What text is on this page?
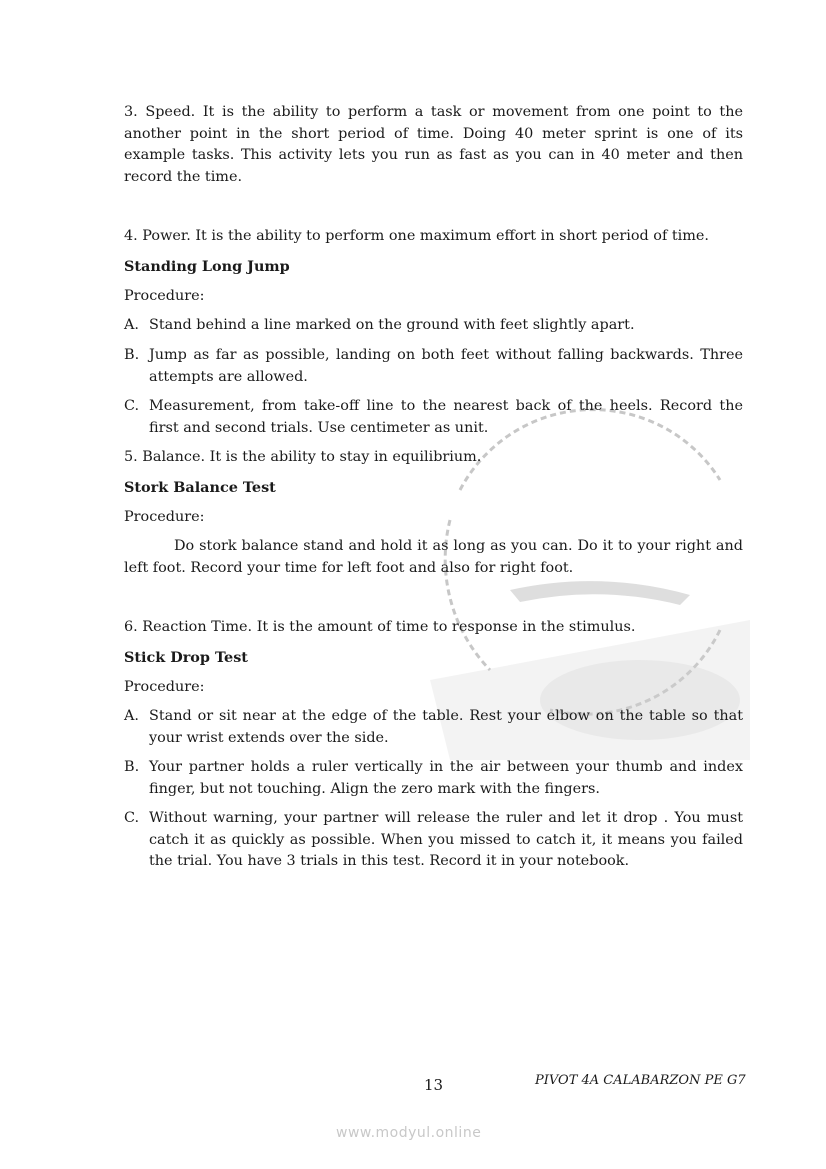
3. Speed. It is the ability to perform a task or movement from one point to the another point in the short period of time. Doing 40 meter sprint is one of its example tasks. This activity lets you run as fast as you can in 40 meter and then record the time.

4. Power. It is the ability to perform one maximum effort in short period of time.

Standing Long Jump
Procedure:
A. Stand behind a line marked on the ground with feet slightly apart.
B. Jump as far as possible, landing on both feet without falling backwards. Three attempts are allowed.
C. Measurement, from take-off line to the nearest back of the heels. Record the first and second trials. Use centimeter as unit.

5. Balance. It is the ability to stay in equilibrium.

Stork Balance Test
Procedure:

Do stork balance stand and hold it as long as you can. Do it to your right and left foot. Record your time for left foot and also for right foot.

6. Reaction Time. It is the amount of time to response in the stimulus.

Stick Drop Test
Procedure:
A. Stand or sit near at the edge of the table. Rest your elbow on the table so that your wrist extends over the side.
B. Your partner holds a ruler vertically in the air between your thumb and index finger, but not touching. Align the zero mark with the fingers.
C. Without warning, your partner will release the ruler and let it drop . You must catch it as quickly as possible. When you missed to catch it, it means you failed the trial. You have 3 trials in this test. Record it in your notebook.
13	PIVOT 4A CALABARZON PE G7
www.modyul.online
